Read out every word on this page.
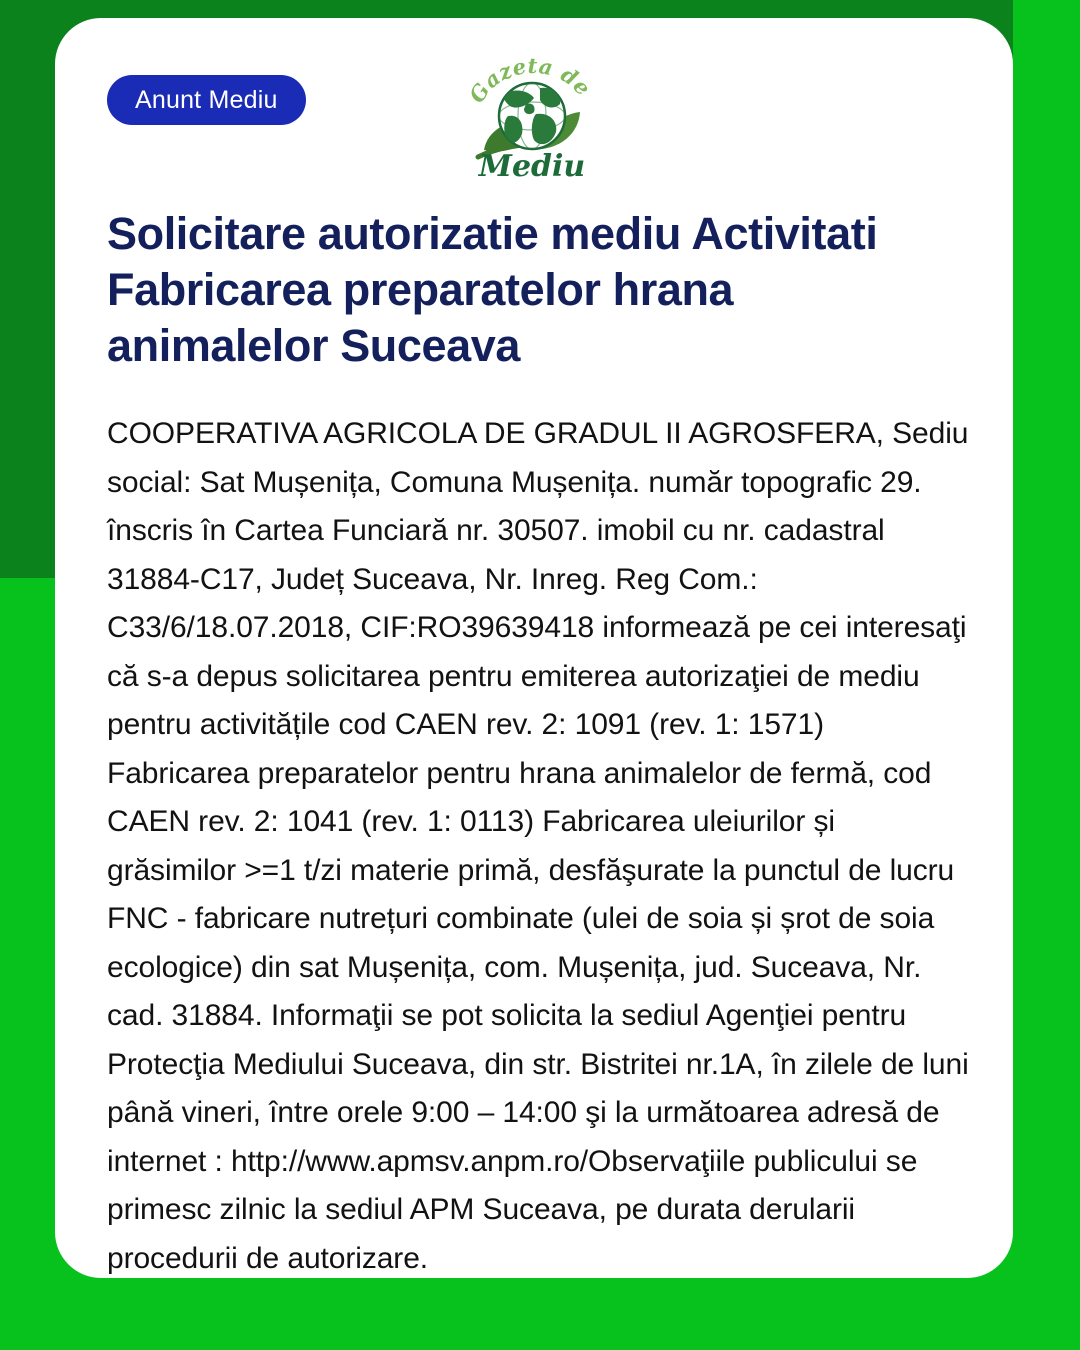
Anunt Mediu	Gazeta de
Mediu
Solicitare autorizatie mediu Activitati Fabricarea preparatelor hrana animalelor Suceava
COOPERATIVA AGRICOLA DE GRADUL II AGROSFERA, Sediu social: Sat Mușenița, Comuna Mușenița. număr topografic 29. înscris în Cartea Funciară nr. 30507. imobil cu nr. cadastral 31884-C17, Județ Suceava, Nr. Inreg. Reg Com.: C33/6/18.07.2018, CIF:RO39639418 informează pe cei interesaţi că s-a depus solicitarea pentru emiterea autorizaţiei de mediu pentru activitățile cod CAEN rev. 2: 1091 (rev. 1: 1571) Fabricarea preparatelor pentru hrana animalelor de fermă, cod CAEN rev. 2: 1041 (rev. 1: 0113) Fabricarea uleiurilor și grăsimilor >=1 t/zi materie primă, desfăşurate la punctul de lucru FNC - fabricare nutrețuri combinate (ulei de soia și șrot de soia ecologice) din sat Mușenița, com. Mușenița, jud. Suceava, Nr. cad. 31884. Informaţii se pot solicita la sediul Agenţiei pentru Protecţia Mediului Suceava, din str. Bistritei nr.1A, în zilele de luni până vineri, între orele 9:00 – 14:00 şi la următoarea adresă de internet : http://www.apmsv.anpm.ro/Observaţiile publicului se primesc zilnic la sediul APM Suceava, pe durata derularii procedurii de autorizare.
